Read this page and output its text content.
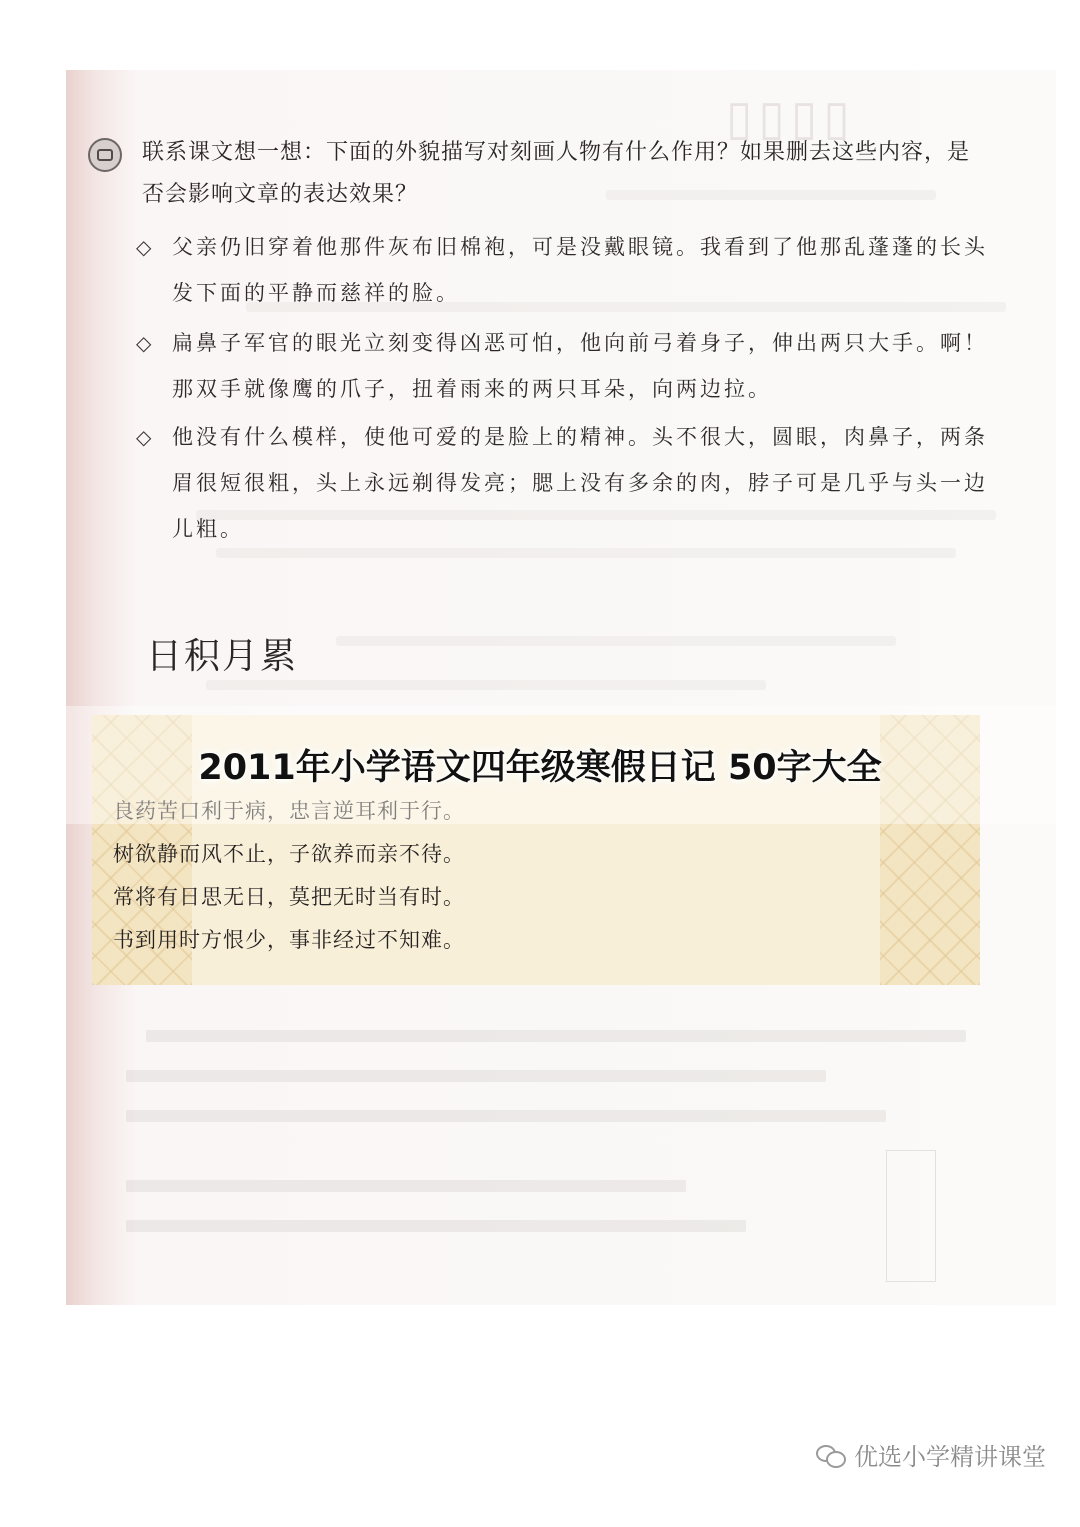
▯▯▯▯
联系课文想一想：下面的外貌描写对刻画人物有什么作用？如果删去这些内容，是否会影响文章的表达效果？
◇ 父亲仍旧穿着他那件灰布旧棉袍，可是没戴眼镜。我看到了他那乱蓬蓬的长头发下面的平静而慈祥的脸。
◇ 扁鼻子军官的眼光立刻变得凶恶可怕，他向前弓着身子，伸出两只大手。啊！那双手就像鹰的爪子，扭着雨来的两只耳朵，向两边拉。
◇ 他没有什么模样，使他可爱的是脸上的精神。头不很大，圆眼，肉鼻子，两条眉很短很粗，头上永远剃得发亮；腮上没有多余的肉，脖子可是几乎与头一边儿粗。
日积月累
良药苦口利于病，忠言逆耳利于行。
树欲静而风不止，子欲养而亲不待。
常将有日思无日，莫把无时当有时。
书到用时方恨少，事非经过不知难。
2011年小学语文四年级寒假日记 50字大全
优选小学精讲课堂
